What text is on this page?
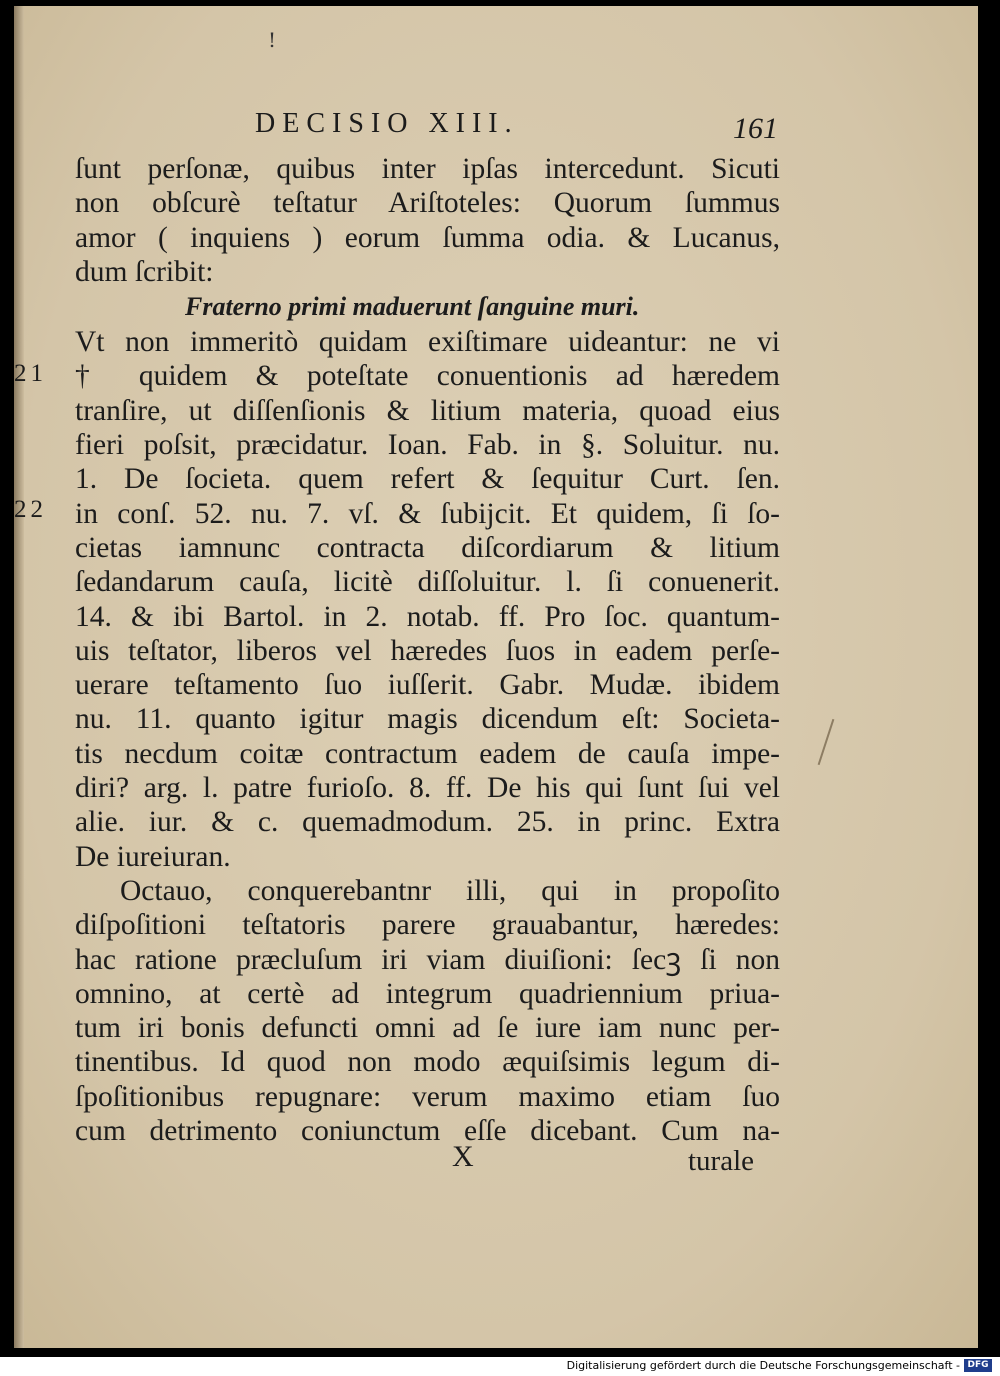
!
DECISIO XIII.	161
21
22
ſunt perſonæ, quibus inter ipſas intercedunt. Sicuti
non obſcurè teſtatur Ariſtoteles: Quorum ſummus
amor ( inquiens ) eorum ſumma odia. & Lucanus,
dum ſcribit:
Fraterno primi maduerunt ſanguine muri.
Vt non immeritò quidam exiſtimare uideantur: ne vi
† quidem & poteſtate conuentionis ad hæredem
tranſire, ut diſſenſionis & litium materia, quoad eius
fieri poſsit, præcidatur. Ioan. Fab. in §. Soluitur. nu.
1. De ſocieta. quem refert & ſequitur Curt. ſen.
in conſ. 52. nu. 7. vſ. & ſubijcit. Et quidem, ſi ſo-
cietas iamnunc contracta diſcordiarum & litium
ſedandarum cauſa, licitè diſſoluitur. l. ſi conuenerit.
14. & ibi Bartol. in 2. notab. ff. Pro ſoc. quantum-
uis teſtator, liberos vel hæredes ſuos in eadem perſe-
uerare teſtamento ſuo iuſſerit. Gabr. Mudæ. ibidem
nu. 11. quanto igitur magis dicendum eſt: Societa-
tis necdum coitæ contractum eadem de cauſa impe-
diri? arg. l. patre furioſo. 8. ff. De his qui ſunt ſui vel
alie. iur. & c. quemadmodum. 25. in princ. Extra
De iureiuran.
Octauo, conquerebantnr illi, qui in propoſito
diſpoſitioni teſtatoris parere grauabantur, hæredes:
hac ratione præcluſum iri viam diuiſioni: ſecꝫ ſi non
omnino, at certè ad integrum quadriennium priua-
tum iri bonis defuncti omni ad ſe iure iam nunc per-
tinentibus. Id quod non modo æquiſsimis legum di-
ſpoſitionibus repugnare: verum maximo etiam ſuo
cum detrimento coniunctum eſſe dicebant. Cum na-
X	turale
Digitalisierung gefördert durch die Deutsche Forschungsgemeinschaft - DFG
